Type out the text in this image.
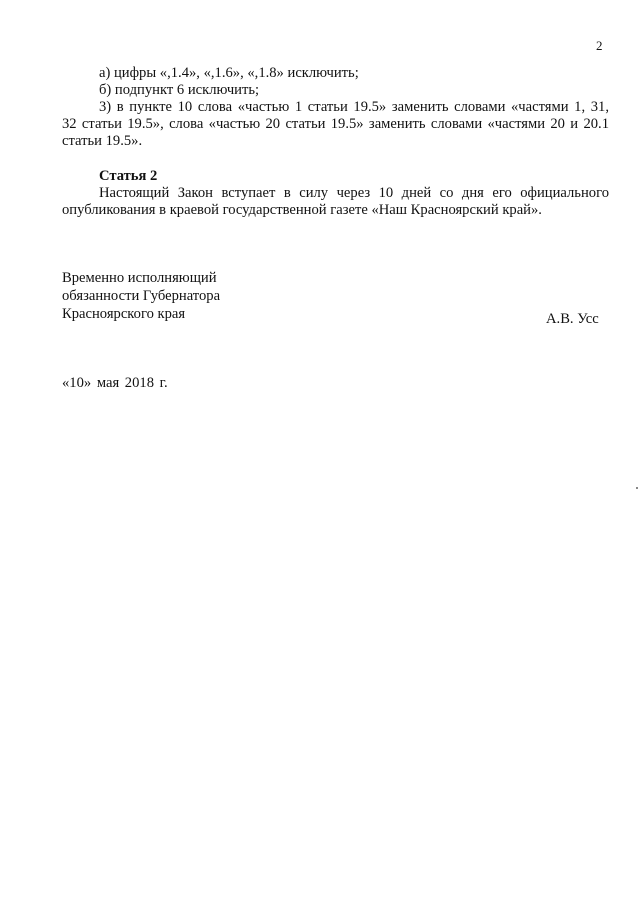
2
а) цифры «,1.4», «,1.6», «,1.8» исключить;
б) подпункт 6 исключить;
3) в пункте 10 слова «частью 1 статьи 19.5» заменить словами «частями 1, 31,
32 статьи 19.5», слова «частью 20 статьи 19.5» заменить словами «частями 20 и 20.1
статьи 19.5».
Статья 2
Настоящий Закон вступает в силу через 10 дней со дня его официального
опубликования в краевой государственной газете «Наш Красноярский край».
Временно исполняющий
обязанности Губернатора
Красноярского края	А.В. Усс
«10» мая 2018 г.
